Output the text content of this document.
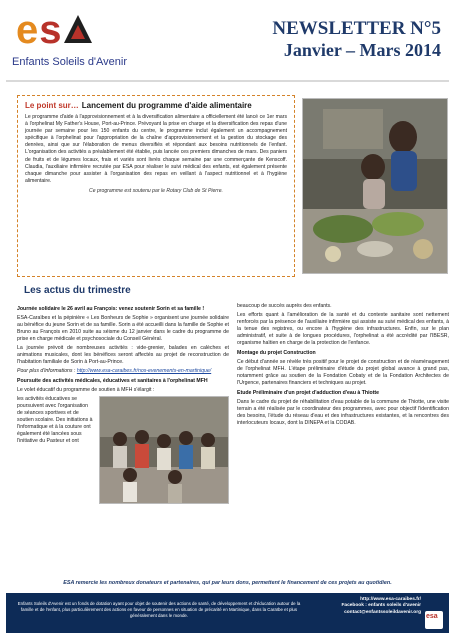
es
Enfants Soleils d'Avenir
NEWSLETTER N°5
Janvier – Mars 2014
Le point sur… Lancement du programme d'aide alimentaire
Le programme d'aide à l'approvisionnement et à la diversification alimentaire a officiellement été lancé ce 1er mars à l'orphelinat My Father's House, Port-au-Prince. Prévoyant la prise en charge et la diversification des repas d'une journée par semaine pour les 150 enfants du centre, le programme inclut également un accompagnement spécifique à l'orphelinat pour l'appropriation de la chaîne d'approvisionnement et la gestion du stockage des denrées, ainsi que sur l'élaboration de menus diversifiés et répondant aux besoins nutritionnels de l'enfant. L'organisation des activités a préalablement été établie, puis lancée ces premiers dimanches de mars. Des paniers de fruits et de légumes locaux, frais et variés sont livrés chaque semaine par une commerçante de Kenscoff. Claudia, l'auxiliaire infirmière recrutée par ESA pour réaliser le suivi médical des enfants, est également présente chaque dimanche pour assister à l'organisation des repas en veillant à l'aspect nutritionnel et à l'hygiène alimentaire.
Ce programme est soutenu par le Rotary Club de St Pierre.
Les actus du trimestre

Journée solidaire le 26 avril au François: venez soutenir Sorin et sa famille !

ESA-Caraïbes et la pépinière « Les Bonheurs de Sophie » organisent une journée solidaire au bénéfice du jeune Sorin et de sa famille. Sorin a été accueilli dans la famille de Sophie et Bruno au François en 2010 suite au séisme du 12 janvier dans le cadre du programme de prise en charge médicale et psychosociale du Conseil Général.

La journée prévoit de nombreuses activités : vide-grenier, balades en calèches et animations musicales, dont les bénéfices seront affectés au projet de reconstruction de l'habitation familiale de Sorin à Port-au-Prince.

Pour plus d'informations : http://www.esa-caraibes.fr/nos-evenements-en-martinique/

Poursuite des activités médicales, éducatives et sanitaires à l'orphelinat MFH

Le volet éducatif du programme de soutien à MFH s'élargit :

les activités éducatives se poursuivent avec l'organisation de séances sportives et de soutien scolaire. Des initiations à l'informatique et à la couture ont également été lancées sous l'initiative du Pasteur et ont

beaucoup de succès auprès des enfants.

Les efforts quant à l'amélioration de la santé et du contexte sanitaire sont nettement renforcés par la présence de l'auxiliaire infirmière qui assiste au suivi médical des enfants, à la tenue des registres, ou encore à l'hygiène des infrastructures. Enfin, sur le plan administratif, et suite à de longues procédures, l'orphelinat a été accrédité par l'IBESR, organisme haïtien en charge de la protection de l'enfance.

Montage du projet Construction

Ce début d'année se révèle très positif pour le projet de construction et de réaménagement de l'orphelinat MFH. L'étape préliminaire d'étude du projet global avance à grand pas, notamment grâce au soutien de la Fondation Cobaty et de la Fondation Architectes de l'Urgence, partenaires financiers et techniques au projet.

Etude Préliminaire d'un projet d'adduction d'eau à Thiotte

Dans le cadre du projet de réhabilitation d'eau potable de la commune de Thiotte, une visite terrain a été réalisée par le coordinateur des programmes, avec pour objectif l'identification des besoins, l'étude du réseau d'eau et des infrastructures existantes, et la rencontres des interlocuteurs locaux, dont la DINEPA et la CODAB.

ESA remercie les nombreux donateurs et partenaires, qui par leurs dons, permettent le financement de ces projets au quotidien.
Enfants Soleils d'Avenir est un fonds de dotation ayant pour objet de soutenir des actions de santé, de développement et d'éducation autour de la famille et de l'enfant, plus particulièrement des actions en faveur de personnes en situation de précarité en Martinique, dans la Caraïbe et plus généralement dans le monde.
http://www.esa-caraibes.fr/
Facebook : enfants soleils d'avenir
contact@enfantssoleildavenir.org
esa
